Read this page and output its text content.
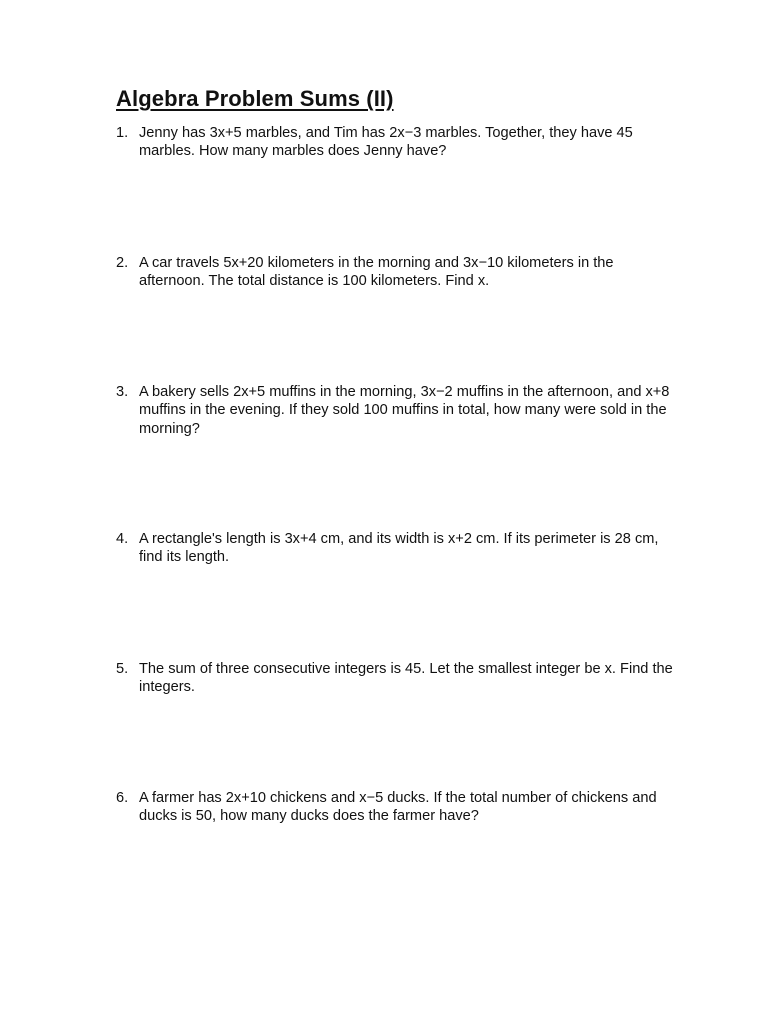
Algebra Problem Sums (II)
1. Jenny has 3x+5 marbles, and Tim has 2x−3 marbles. Together, they have 45 marbles. How many marbles does Jenny have?
2. A car travels 5x+20 kilometers in the morning and 3x−10 kilometers in the afternoon. The total distance is 100 kilometers. Find x.
3. A bakery sells 2x+5 muffins in the morning, 3x−2 muffins in the afternoon, and x+8 muffins in the evening. If they sold 100 muffins in total, how many were sold in the morning?
4. A rectangle's length is 3x+4 cm, and its width is x+2 cm. If its perimeter is 28 cm, find its length.
5. The sum of three consecutive integers is 45. Let the smallest integer be x. Find the integers.
6. A farmer has 2x+10 chickens and x−5 ducks. If the total number of chickens and ducks is 50, how many ducks does the farmer have?
